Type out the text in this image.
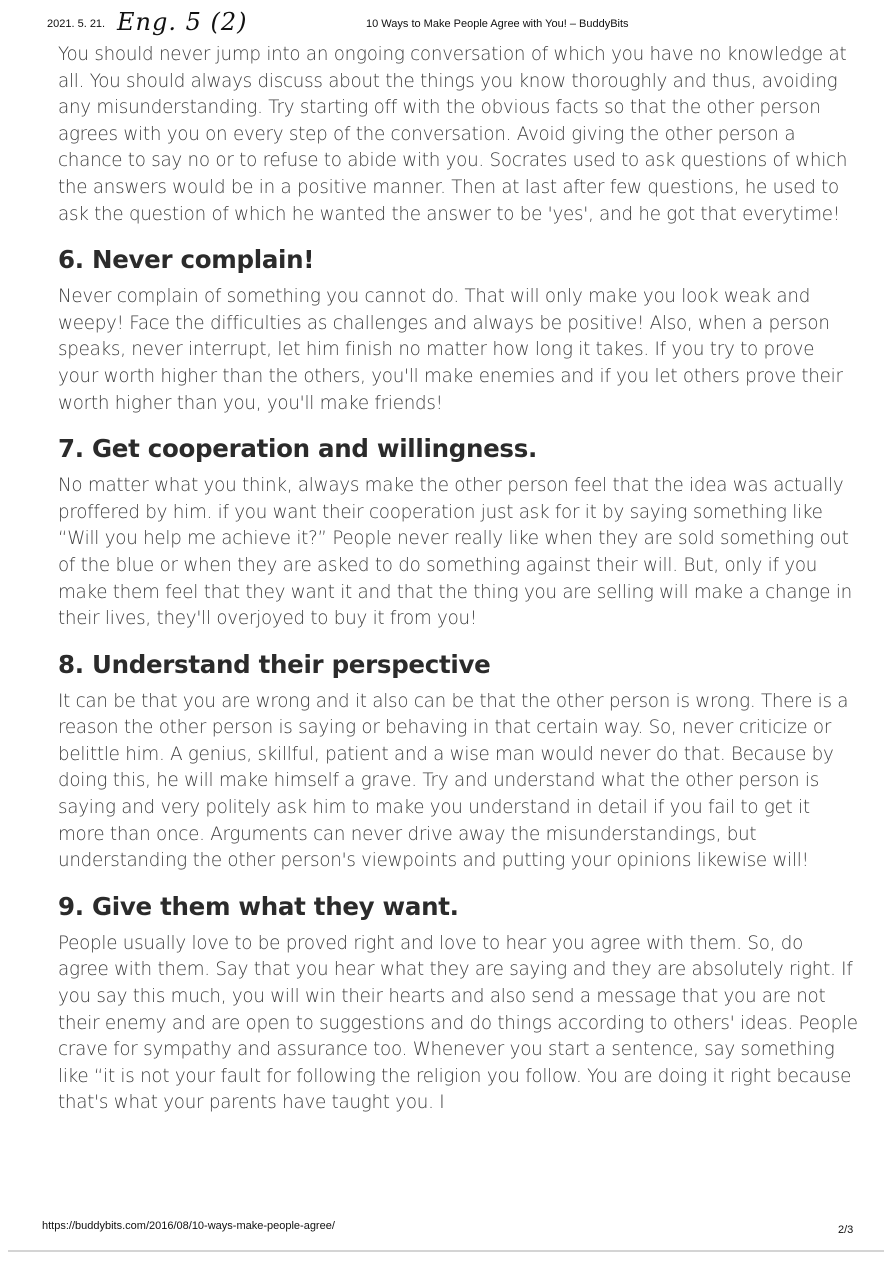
2021. 5. 21. Eng. 5 (2)	10 Ways to Make People Agree with You! – BuddyBits

You should never jump into an ongoing conversation of which you have no knowledge at all. You should always discuss about the things you know thoroughly and thus, avoiding any misunderstanding. Try starting off with the obvious facts so that the other person agrees with you on every step of the conversation. Avoid giving the other person a chance to say no or to refuse to abide with you. Socrates used to ask questions of which the answers would be in a positive manner. Then at last after few questions, he used to ask the question of which he wanted the answer to be 'yes', and he got that everytime!

6. Never complain!

Never complain of something you cannot do. That will only make you look weak and weepy! Face the difficulties as challenges and always be positive! Also, when a person speaks, never interrupt, let him finish no matter how long it takes. If you try to prove your worth higher than the others, you'll make enemies and if you let others prove their worth higher than you, you'll make friends!

7. Get cooperation and willingness.

No matter what you think, always make the other person feel that the idea was actually proffered by him. if you want their cooperation just ask for it by saying something like “Will you help me achieve it?” People never really like when they are sold something out of the blue or when they are asked to do something against their will. But, only if you make them feel that they want it and that the thing you are selling will make a change in their lives, they'll overjoyed to buy it from you!

8. Understand their perspective

It can be that you are wrong and it also can be that the other person is wrong. There is a reason the other person is saying or behaving in that certain way. So, never criticize or belittle him. A genius, skillful, patient and a wise man would never do that. Because by doing this, he will make himself a grave. Try and understand what the other person is saying and very politely ask him to make you understand in detail if you fail to get it more than once. Arguments can never drive away the misunderstandings, but understanding the other person's viewpoints and putting your opinions likewise will!

9. Give them what they want.

People usually love to be proved right and love to hear you agree with them. So, do agree with them. Say that you hear what they are saying and they are absolutely right. If you say this much, you will win their hearts and also send a message that you are not their enemy and are open to suggestions and do things according to others' ideas. People crave for sympathy and assurance too. Whenever you start a sentence, say something like “it is not your fault for following the religion you follow. You are doing it right because that's what your parents have taught you. I

https://buddybits.com/2016/08/10-ways-make-people-agree/	2/3
